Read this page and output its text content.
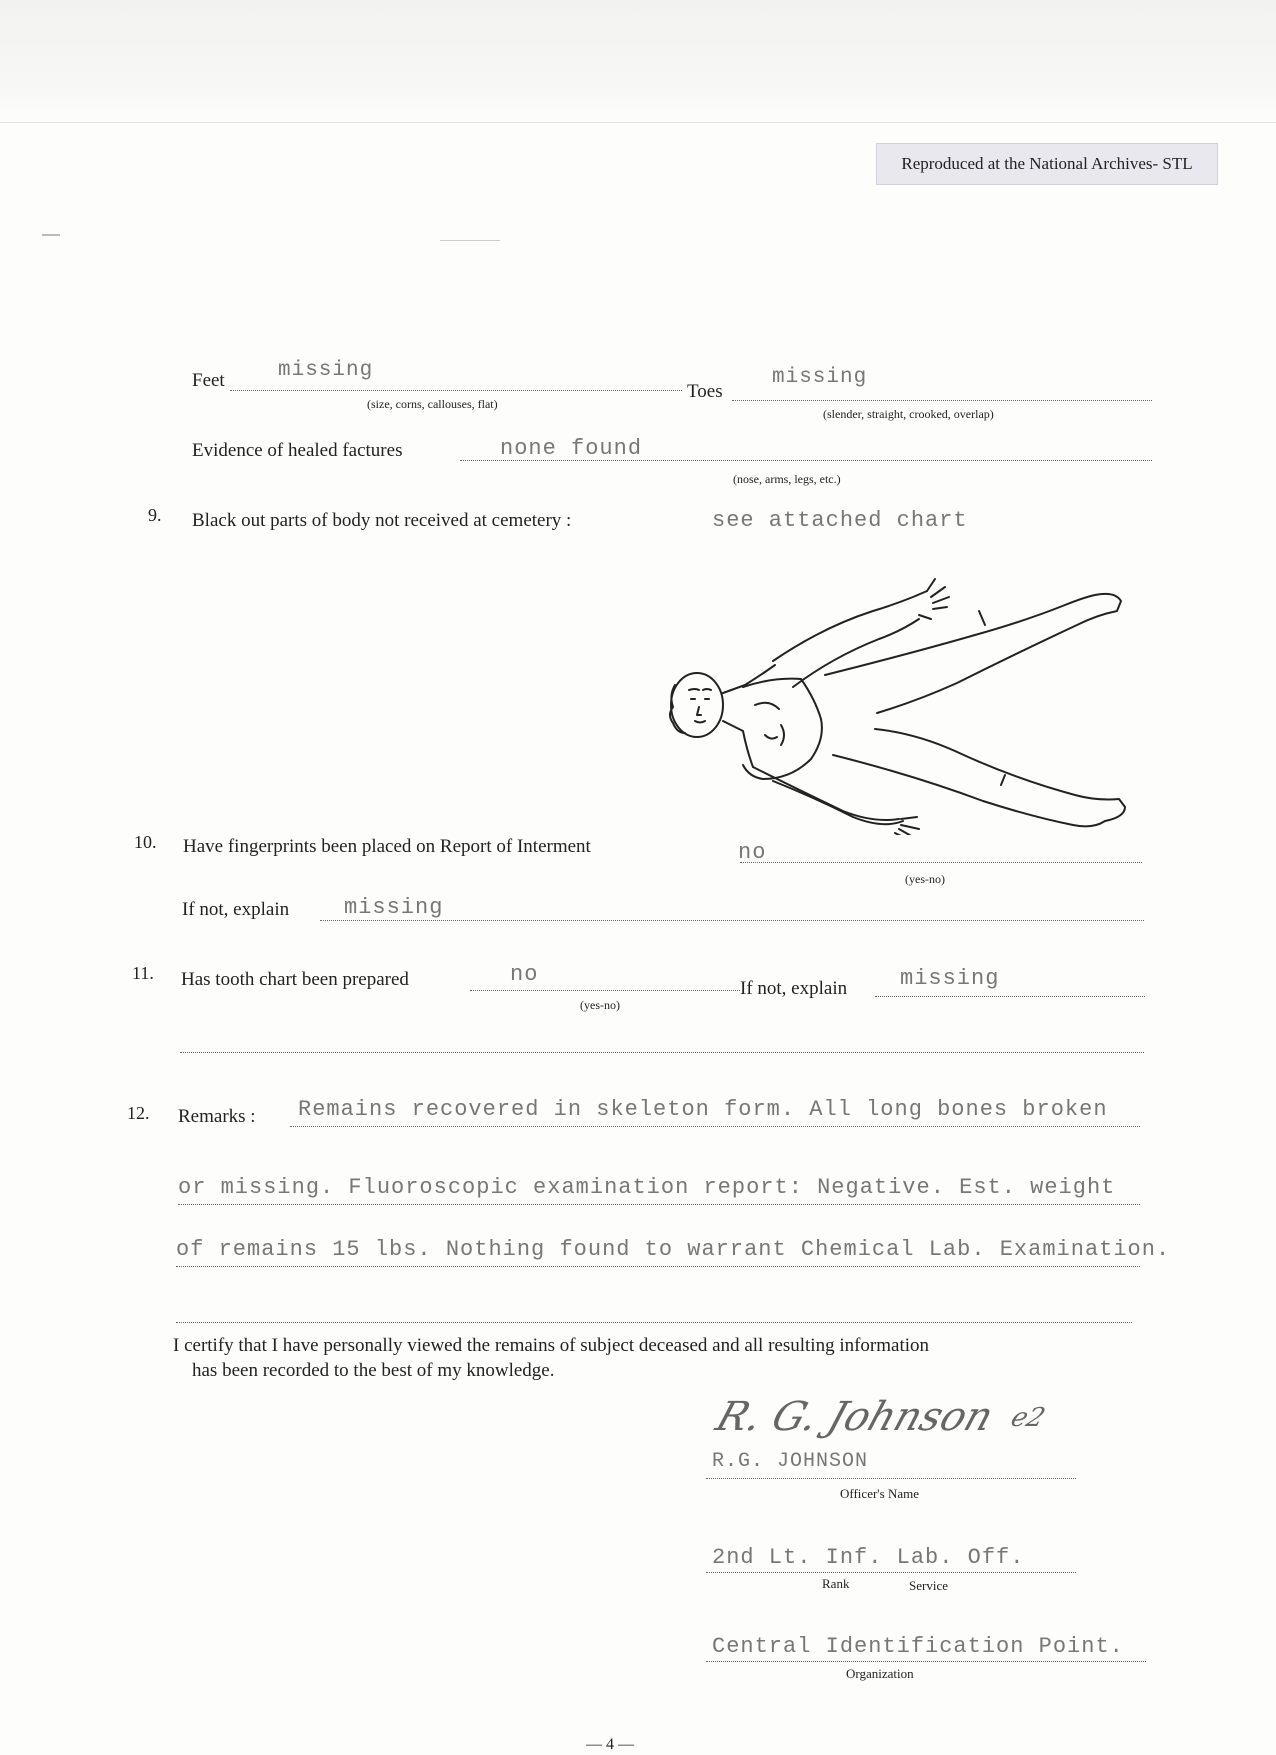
Reproduced at the National Archives- STL
Feet	missing
(size, corns, callouses, flat)
Toes
missing
(slender, straight, crooked, overlap)
Evidence of healed factures	none found
(nose, arms, legs, etc.)
9. Black out parts of body not received at cemetery :	see attached chart
10. Have fingerprints been placed on Report of Interment	no
(yes-no)
If not, explain missing
11. Has tooth chart been prepared	no
(yes-no)
If not, explain missing
12. Remarks : Remains recovered in skeleton form. All long bones broken
or missing. Fluoroscopic examination report: Negative. Est. weight
of remains 15 lbs. Nothing found to warrant Chemical Lab. Examination.
I certify that I have personally viewed the remains of subject deceased and all resulting information
has been recorded to the best of my knowledge.
R. G. Johnson e2
R.G. JOHNSON
Officer's Name
2nd Lt. Inf. Lab. Off.
Rank	Service
Central Identification Point.
Organization
— 4 —
